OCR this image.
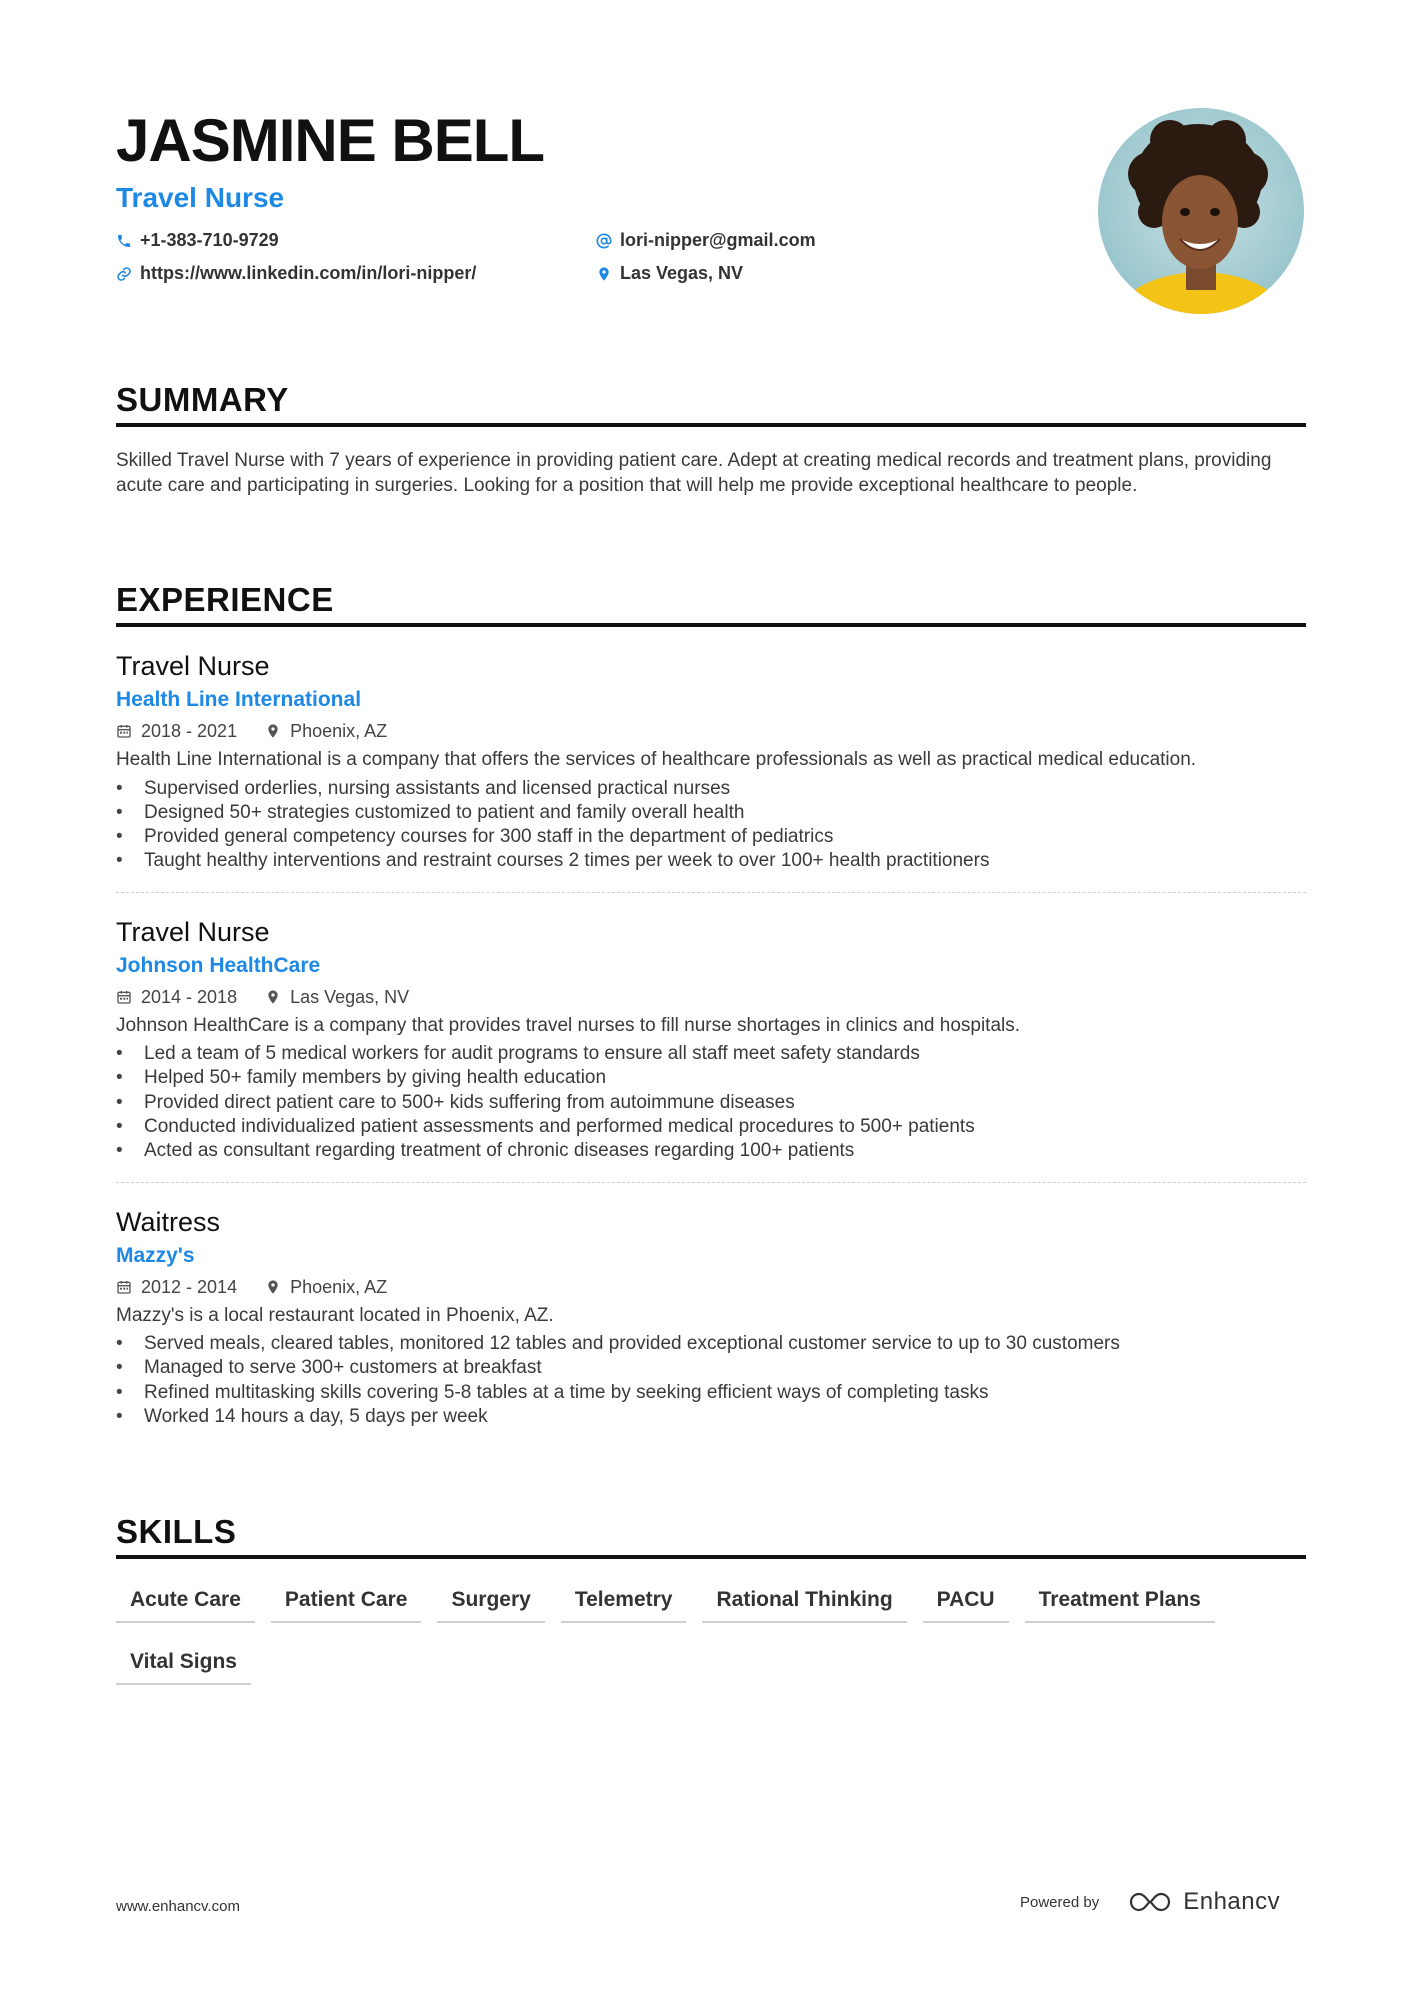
JASMINE BELL
Travel Nurse
+1-383-710-9729	lori-nipper@gmail.com
https://www.linkedin.com/in/lori-nipper/	Las Vegas, NV
SUMMARY
Skilled Travel Nurse with 7 years of experience in providing patient care. Adept at creating medical records and treatment plans, providing acute care and participating in surgeries. Looking for a position that will help me provide exceptional healthcare to people.
EXPERIENCE
Travel Nurse
Health Line International
2018 - 2021	Phoenix, AZ
Health Line International is a company that offers the services of healthcare professionals as well as practical medical education.
• Supervised orderlies, nursing assistants and licensed practical nurses
• Designed 50+ strategies customized to patient and family overall health
• Provided general competency courses for 300 staff in the department of pediatrics
• Taught healthy interventions and restraint courses 2 times per week to over 100+ health practitioners
Travel Nurse
Johnson HealthCare
2014 - 2018	Las Vegas, NV
Johnson HealthCare is a company that provides travel nurses to fill nurse shortages in clinics and hospitals.
• Led a team of 5 medical workers for audit programs to ensure all staff meet safety standards
• Helped 50+ family members by giving health education
• Provided direct patient care to 500+ kids suffering from autoimmune diseases
• Conducted individualized patient assessments and performed medical procedures to 500+ patients
• Acted as consultant regarding treatment of chronic diseases regarding 100+ patients
Waitress
Mazzy's
2012 - 2014	Phoenix, AZ
Mazzy's is a local restaurant located in Phoenix, AZ.
• Served meals, cleared tables, monitored 12 tables and provided exceptional customer service to up to 30 customers
• Managed to serve 300+ customers at breakfast
• Refined multitasking skills covering 5-8 tables at a time by seeking efficient ways of completing tasks
• Worked 14 hours a day, 5 days per week
SKILLS
Acute Care	Patient Care	Surgery	Telemetry	Rational Thinking	PACU	Treatment Plans
Vital Signs
www.enhancv.com	Powered by	Enhancv
